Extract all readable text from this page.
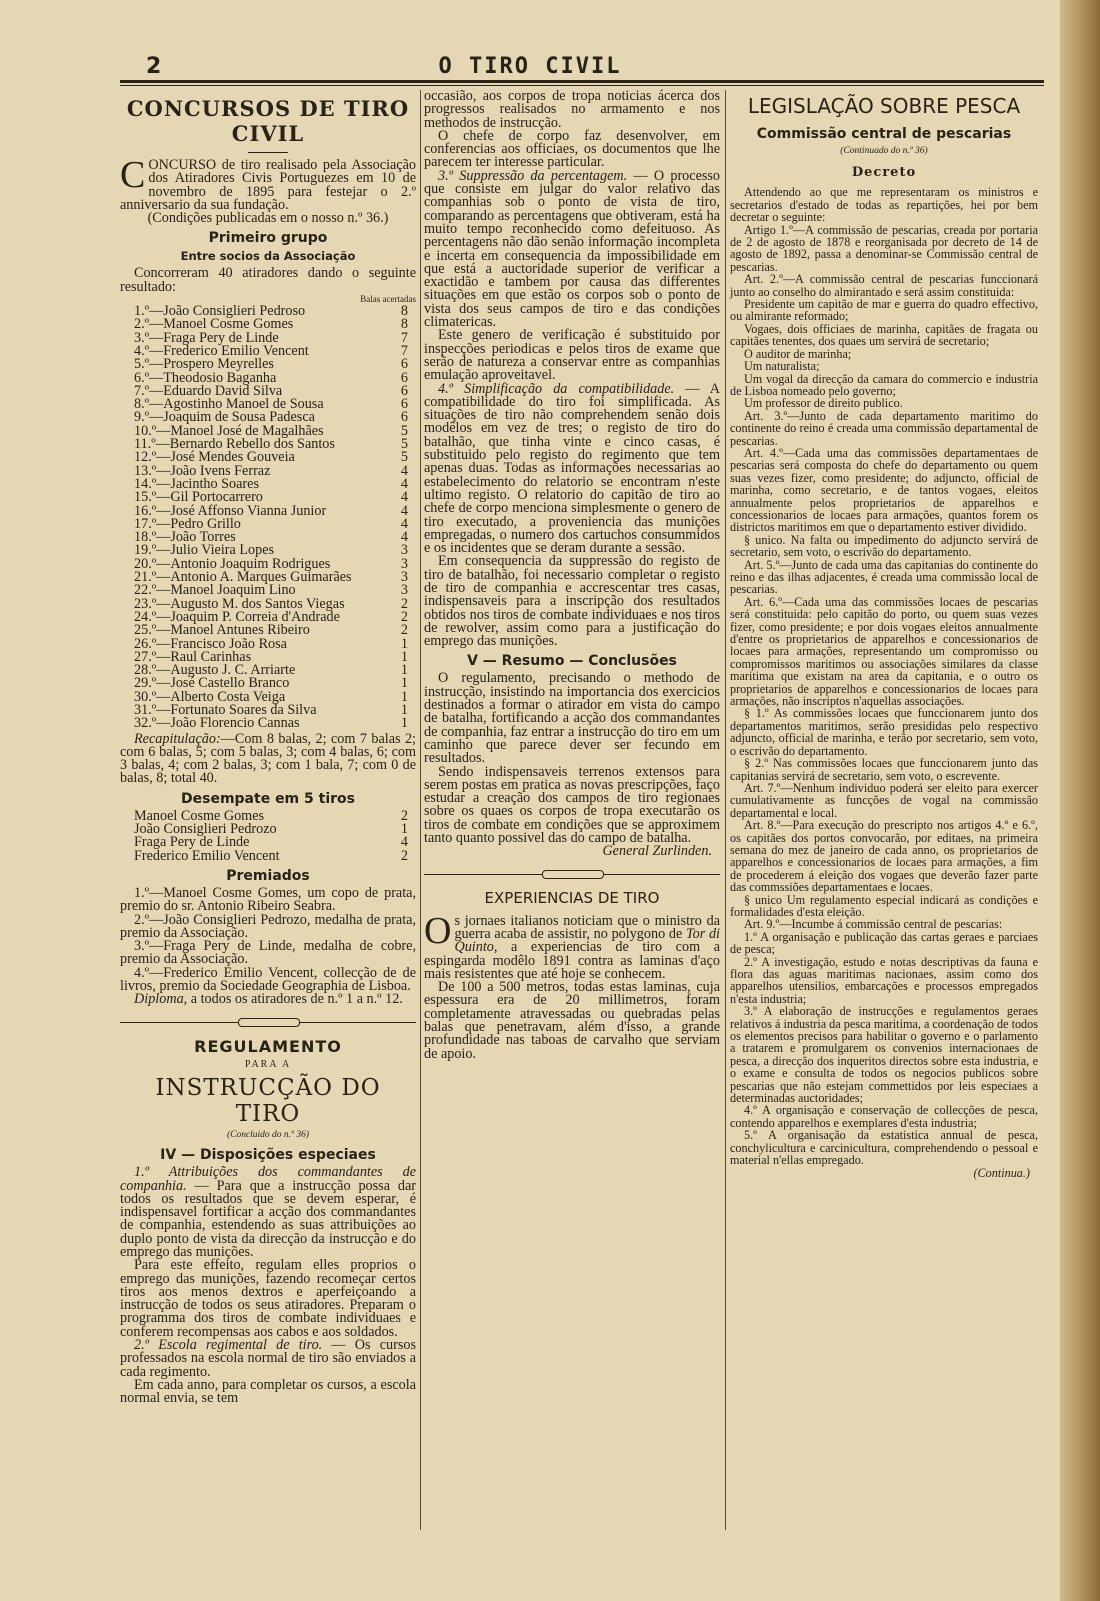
2	O TIRO CIVIL
CONCURSOS DE TIRO CIVIL

CONCURSO de tiro realisado pela Associação dos Atiradores Civis Portuguezes em 10 de novembro de 1895 para festejar o 2.º anniversario da sua fundação.

(Condições publicadas em o nosso n.º 36.)

Primeiro grupo
Entre socios da Associação

Concorreram 40 atiradores dando o seguinte resultado:

Balas acertadas
1.º—João Consiglieri Pedroso	8
2.º—Manoel Cosme Gomes	8
3.º—Fraga Pery de Linde	7
4.º—Frederico Emilio Vencent	7
5.º—Prospero Meyrelles	6
6.º—Theodosio Baganha	6
7.º—Eduardo David Silva	6
8.º—Agostinho Manoel de Sousa	6
9.º—Joaquim de Sousa Padesca	6
10.º—Manoel José de Magalhães	5
11.º—Bernardo Rebello dos Santos	5
12.º—José Mendes Gouveia	5
13.º—João Ivens Ferraz	4
14.º—Jacintho Soares	4
15.º—Gil Portocarrero	4
16.º—José Affonso Vianna Junior	4
17.º—Pedro Grillo	4
18.º—João Torres	4
19.º—Julio Vieira Lopes	3
20.º—Antonio Joaquim Rodrigues	3
21.º—Antonio A. Marques Guimarães	3
22.º—Manoel Joaquim Lino	3
23.º—Augusto M. dos Santos Viegas	2
24.º—Joaquim P. Correia d'Andrade	2
25.º—Manoel Antunes Ribeiro	2
26.º—Francisco João Rosa	1
27.º—Raul Carinhas	1
28.º—Augusto J. C. Arriarte	1
29.º—José Castello Branco	1
30.º—Alberto Costa Veiga	1
31.º—Fortunato Soares da Silva	1
32.º—João Florencio Cannas	1

Recapitulação:—Com 8 balas, 2; com 7 balas 2; com 6 balas, 5; com 5 balas, 3; com 4 balas, 6; com 3 balas, 4; com 2 balas, 3; com 1 bala, 7; com 0 de balas, 8; total 40.

Desempate em 5 tiros
Manoel Cosme Gomes	2
João Consiglieri Pedrozo	1
Fraga Pery de Linde	4
Frederico Emilio Vencent	2
Premiados

1.º—Manoel Cosme Gomes, um copo de prata, premio do sr. Antonio Ribeiro Seabra.

2.º—João Consiglieri Pedrozo, medalha de prata, premio da Associação.

3.º—Fraga Pery de Linde, medalha de cobre, premio da Associação.

4.º—Frederico Emilio Vencent, collecção de de livros, premio da Sociedade Geographia de Lisboa.

Diploma, a todos os atiradores de n.º 1 a n.º 12.

REGULAMENTO
PARA A
INSTRUCÇÃO DO TIRO
(Concluido do n.º 36)
IV — Disposições especiaes

1.º Attribuições dos commandantes de companhia. — Para que a instrucção possa dar todos os resultados que se devem esperar, é indispensavel fortificar a acção dos commandantes de companhia, estendendo as suas attribuições ao duplo ponto de vista da direcção da instrucção e do emprego das munições.

Para este effeito, regulam elles proprios o emprego das munições, fazendo recomeçar certos tiros aos menos dextros e aperfeiçoando a instrucção de todos os seus atiradores. Preparam o programma dos tiros de combate individuaes e conferem recompensas aos cabos e aos soldados.

2.º Escola regimental de tiro. — Os cursos professados na escola normal de tiro são enviados a cada regimento.

Em cada anno, para completar os cursos, a escola normal envia, se tem

occasião, aos corpos de tropa noticias ácerca dos progressos realisados no armamento e nos methodos de instrucção.

O chefe de corpo faz desenvolver, em conferencias aos officiaes, os documentos que lhe parecem ter interesse particular.

3.º Suppressão da percentagem. — O processo que consiste em julgar do valor relativo das companhias sob o ponto de vista de tiro, comparando as percentagens que obtiveram, está ha muito tempo reconhecido como defeituoso. As percentagens não dão senão informação incompleta e incerta em consequencia da impossibilidade em que está a auctoridade superior de verificar a exactidão e tambem por causa das differentes situações em que estão os corpos sob o ponto de vista dos seus campos de tiro e das condições climatericas.

Este genero de verificação é substituido por inspecções periodicas e pelos tiros de exame que serão de natureza a conservar entre as companhias emulação aproveitavel.

4.º Simplificação da compatibilidade. — A compatibilidade do tiro foi simplificada. As situações de tiro não comprehendem senão dois modêlos em vez de tres; o registo de tiro do batalhão, que tinha vinte e cinco casas, é substituido pelo registo do regimento que tem apenas duas. Todas as informações necessarias ao estabelecimento do relatorio se encontram n'este ultimo registo. O relatorio do capitão de tiro ao chefe de corpo menciona simplesmente o genero de tiro executado, a proveniencia das munições empregadas, o numero dos cartuchos consummidos e os incidentes que se deram durante a sessão.

Em consequencia da suppressão do registo de tiro de batalhão, foi necessario completar o registo de tiro de companhia e accrescentar tres casas, indispensaveis para a inscripção dos resultados obtidos nos tiros de combate individuaes e nos tiros de rewolver, assim como para a justificação do emprego das munições.

V — Resumo — Conclusões

O regulamento, precisando o methodo de instrucção, insistindo na importancia dos exercicios destinados a formar o atirador em vista do campo de batalha, fortificando a acção dos commandantes de companhia, faz entrar a instrucção do tiro em um caminho que parece dever ser fecundo em resultados.

Sendo indispensaveis terrenos extensos para serem postas em pratica as novas prescripções, faço estudar a creação dos campos de tiro regionaes sobre os quaes os corpos de tropa executarão os tiros de combate em condições que se approximem tanto quanto possivel das do campo de batalha.

General Zurlinden.
EXPERIENCIAS DE TIRO

Os jornaes italianos noticiam que o ministro da guerra acaba de assistir, no polygono de Tor di Quinto, a experiencias de tiro com a espingarda modêlo 1891 contra as laminas d'aço mais resistentes que até hoje se conhecem.

De 100 a 500 metros, todas estas laminas, cuja espessura era de 20 millimetros, foram completamente atravessadas ou quebradas pelas balas que penetravam, além d'isso, a grande profundidade nas taboas de carvalho que serviam de apoio.

LEGISLAÇÃO SOBRE PESCA
Commissão central de pescarias
(Continuado do n.º 36)
Decreto

Attendendo ao que me representaram os ministros e secretarios d'estado de todas as repartições, hei por bem decretar o seguinte:

Artigo 1.º—A commissão de pescarias, creada por portaria de 2 de agosto de 1878 e reorganisada por decreto de 14 de agosto de 1892, passa a denominar-se Commissão central de pescarias.

Art. 2.º—A commissão central de pescarias funccionará junto ao conselho do almirantado e será assim constituida:

Presidente um capitão de mar e guerra do quadro effectivo, ou almirante reformado;

Vogaes, dois officiaes de marinha, capitães de fragata ou capitães tenentes, dos quaes um servirá de secretario;

O auditor de marinha;

Um naturalista;

Um vogal da direcção da camara do commercio e industria de Lisboa nomeado pelo governo;

Um professor de direito publico.

Art. 3.º—Junto de cada departamento maritimo do continente do reino é creada uma commissão departamental de pescarias.

Art. 4.º—Cada uma das commissões departamentaes de pescarias será composta do chefe do departamento ou quem suas vezes fizer, como presidente; do adjuncto, official de marinha, como secretario, e de tantos vogaes, eleitos annualmente pelos proprietarios de apparelhos e concessionarios de locaes para armações, quantos forem os districtos maritimos em que o departamento estiver dividido.

§ unico. Na falta ou impedimento do adjuncto servirá de secretario, sem voto, o escrivão do departamento.

Art. 5.º—Junto de cada uma das capitanias do continente do reino e das ilhas adjacentes, é creada uma commissão local de pescarias.

Art. 6.º—Cada uma das commissões locaes de pescarias será constituida: pelo capitão do porto, ou quem suas vezes fizer, como presidente; e por dois vogaes eleitos annualmente d'entre os proprietarios de apparelhos e concessionarios de locaes para armações, representando um compromisso ou compromissos maritimos ou associações similares da classe maritima que existam na area da capitania, e o outro os proprietarios de apparelhos e concessionarios de locaes para armações, não inscriptos n'aquellas associações.

§ 1.º As commissões locaes que funccionarem junto dos departamentos maritimos, serão presididas pelo respectivo adjuncto, official de marinha, e terão por secretario, sem voto, o escrivão do departamento.

§ 2.º Nas commissões locaes que funccionarem junto das capitanias servirá de secretario, sem voto, o escrevente.

Art. 7.º—Nenhum individuo poderá ser eleito para exercer cumulativamente as funcções de vogal na commissão departamental e local.

Art. 8.º—Para execução do prescripto nos artigos 4.º e 6.º, os capitães dos portos convocarão, por editaes, na primeira semana do mez de janeiro de cada anno, os proprietarios de apparelhos e concessionarios de locaes para armações, a fim de procederem á eleição dos vogaes que deverão fazer parte das commssiões departamentaes e locaes.

§ unico Um regulamento especial indicará as condições e formalidades d'esta eleição.

Art. 9.º—Incumbe á commissão central de pescarias:

1.º A organisação e publicação das cartas geraes e parciaes de pesca;

2.º A investigação, estudo e notas descriptivas da fauna e flora das aguas maritimas nacionaes, assim como dos apparelhos utensilios, embarcações e processos empregados n'esta industria;

3.º A elaboração de instrucções e regulamentos geraes relativos á industria da pesca maritima, a coordenação de todos os elementos precisos para habilitar o governo e o parlamento a tratarem e promulgarem os convenios internacionaes de pesca, a direcção dos inqueritos directos sobre esta industria, e o exame e consulta de todos os negocios publicos sobre pescarias que não estejam commettidos por leis especiaes a determinadas auctoridades;

4.º A organisação e conservação de collecções de pesca, contendo apparelhos e exemplares d'esta industria;

5.º A organisação da estatistica annual de pesca, conchylicultura e carcinicultura, comprehendendo o pessoal e material n'ellas empregado.

(Continua.)
